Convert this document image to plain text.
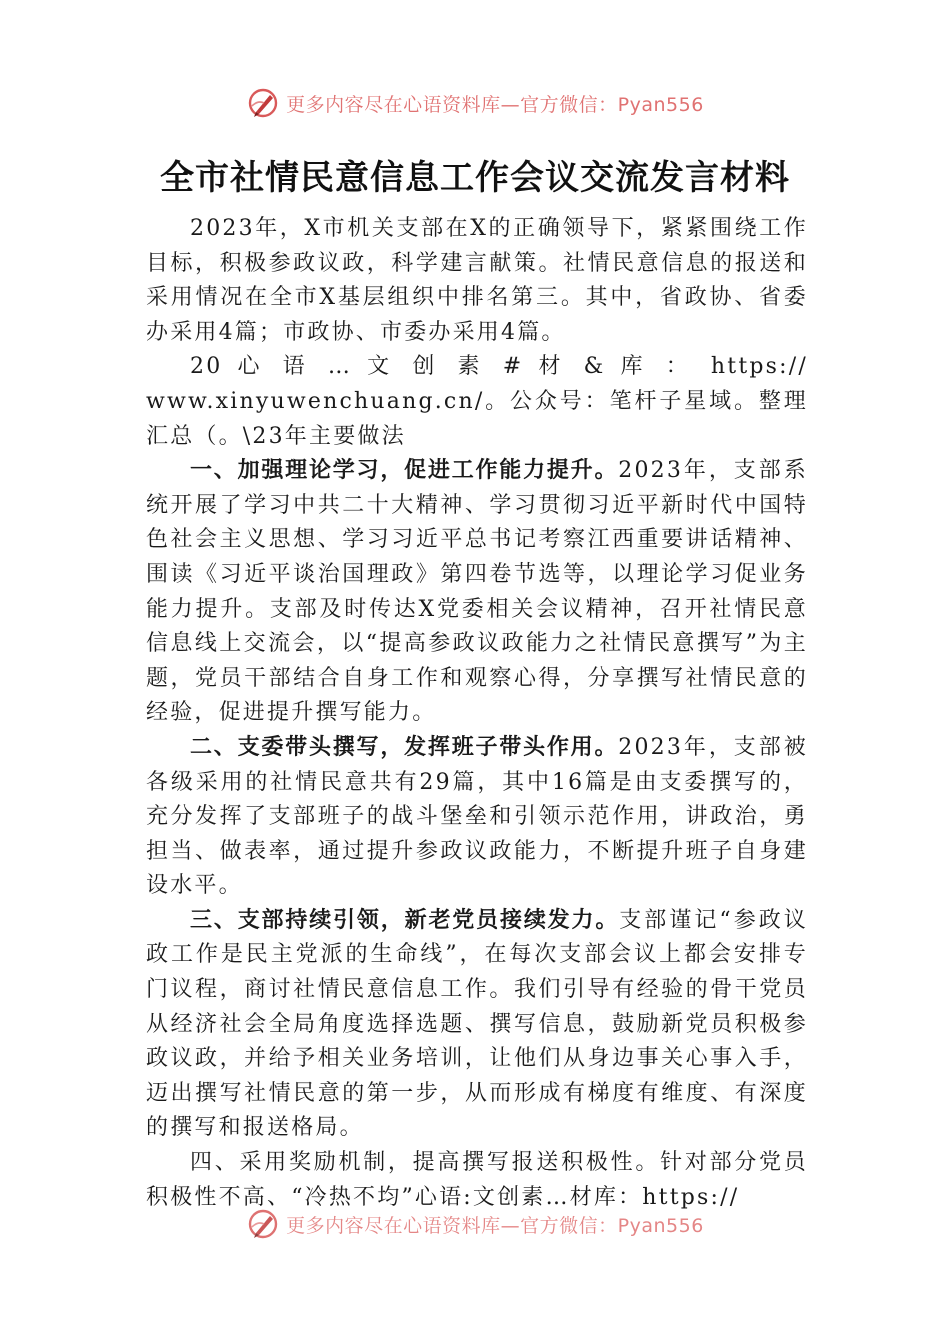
更多内容尽在心语资料库—官方微信：Pyan556
全市社情民意信息工作会议交流发言材料

2023年，X市机关支部在X的正确领导下，紧紧围绕工作目标，积极参政议政，科学建言献策。社情民意信息的报送和采用情况在全市X基层组织中排名第三。其中，省政协、省委办采用4篇；市政协、市委办采用4篇。

20 心 语 … 文 创 素 # 材 & 库 ： https://

www.xinyuwenchuang.cn/。公众号：笔杆子星域。整理汇总（。\23年主要做法

一、加强理论学习，促进工作能力提升。2023年，支部系统开展了学习中共二十大精神、学习贯彻习近平新时代中国特色社会主义思想、学习习近平总书记考察江西重要讲话精神、围读《习近平谈治国理政》第四卷节选等，以理论学习促业务能力提升。支部及时传达X党委相关会议精神，召开社情民意信息线上交流会，以“提高参政议政能力之社情民意撰写”为主题，党员干部结合自身工作和观察心得，分享撰写社情民意的经验，促进提升撰写能力。

二、支委带头撰写，发挥班子带头作用。2023年，支部被各级采用的社情民意共有29篇，其中16篇是由支委撰写的，充分发挥了支部班子的战斗堡垒和引领示范作用，讲政治，勇担当、做表率，通过提升参政议政能力，不断提升班子自身建设水平。

三、支部持续引领，新老党员接续发力。支部谨记“参政议政工作是民主党派的生命线”，在每次支部会议上都会安排专门议程，商讨社情民意信息工作。我们引导有经验的骨干党员从经济社会全局角度选择选题、撰写信息，鼓励新党员积极参政议政，并给予相关业务培训，让他们从身边事关心事入手，迈出撰写社情民意的第一步，从而形成有梯度有维度、有深度的撰写和报送格局。

四、采用奖励机制，提高撰写报送积极性。针对部分党员积极性不高、“冷热不均”心语:文创素…材库：https://

更多内容尽在心语资料库—官方微信：Pyan556
